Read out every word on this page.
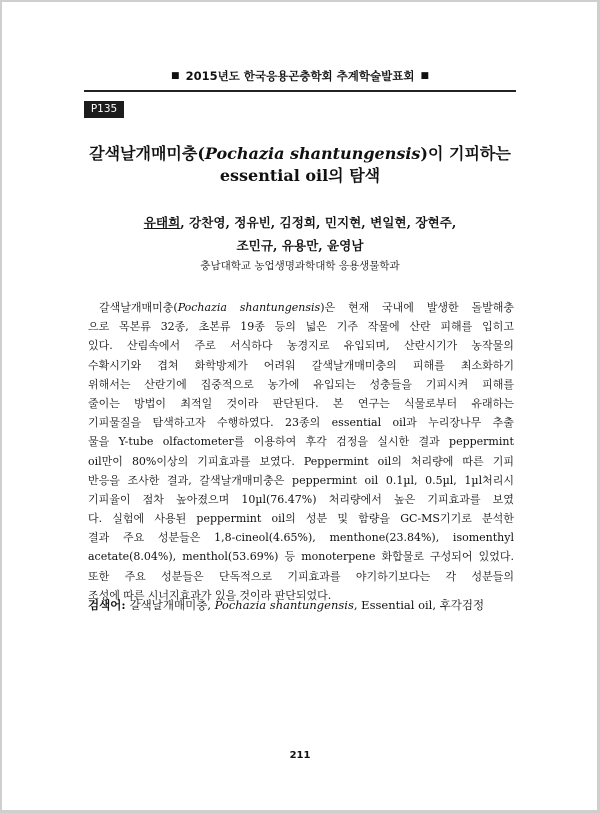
■ 2015년도 한국응용곤충학회 추계학술발표회 ■
P135
갈색날개매미충(Pochazia shantungensis)이 기피하는
essential oil의 탐색
유태희, 강찬영, 정유빈, 김정희, 민지현, 변일현, 장현주,
조민규, 유용만, 윤영남
충남대학교 농업생명과학대학 응용생물학과
갈색날개매미충(Pochazia shantungensis)은 현재 국내에 발생한 돌발해충
으로 목본류 32종, 초본류 19종 등의 넓은 기주 작물에 산란 피해를 입히고
있다. 산림속에서 주로 서식하다 농경지로 유입되며, 산란시기가 농작물의
수확시기와 겹쳐 화학방제가 어려워 갈색날개매미충의 피해를 최소화하기
위해서는 산란기에 집중적으로 농가에 유입되는 성충들을 기피시켜 피해를
줄이는 방법이 최적일 것이라 판단된다. 본 연구는 식물로부터 유래하는
기피물질을 탐색하고자 수행하였다. 23종의 essential oil과 누리장나무 추출
물을 Y-tube olfactometer를 이용하여 후각 검정을 실시한 결과 peppermint
oil만이 80%이상의 기피효과를 보였다. Peppermint oil의 처리량에 따른 기피
반응을 조사한 결과, 갈색날개매미충은 peppermint oil 0.1µl, 0.5µl, 1µl처리시
기피율이 점차 높아졌으며 10µl(76.47%) 처리량에서 높은 기피효과를 보였
다. 실험에 사용된 peppermint oil의 성분 및 함량을 GC-MS기기로 분석한
결과 주요 성분들은 1,8-cineol(4.65%), menthone(23.84%), isomenthyl
acetate(8.04%), menthol(53.69%) 등 monoterpene 화합물로 구성되어 있었다.
또한 주요 성분들은 단독적으로 기피효과를 야기하기보다는 각 성분들의
조성에 따른 시너지효과가 있을 것이라 판단되었다.
검색어: 갈색날개매미충, Pochazia shantungensis, Essential oil, 후각검정
211
